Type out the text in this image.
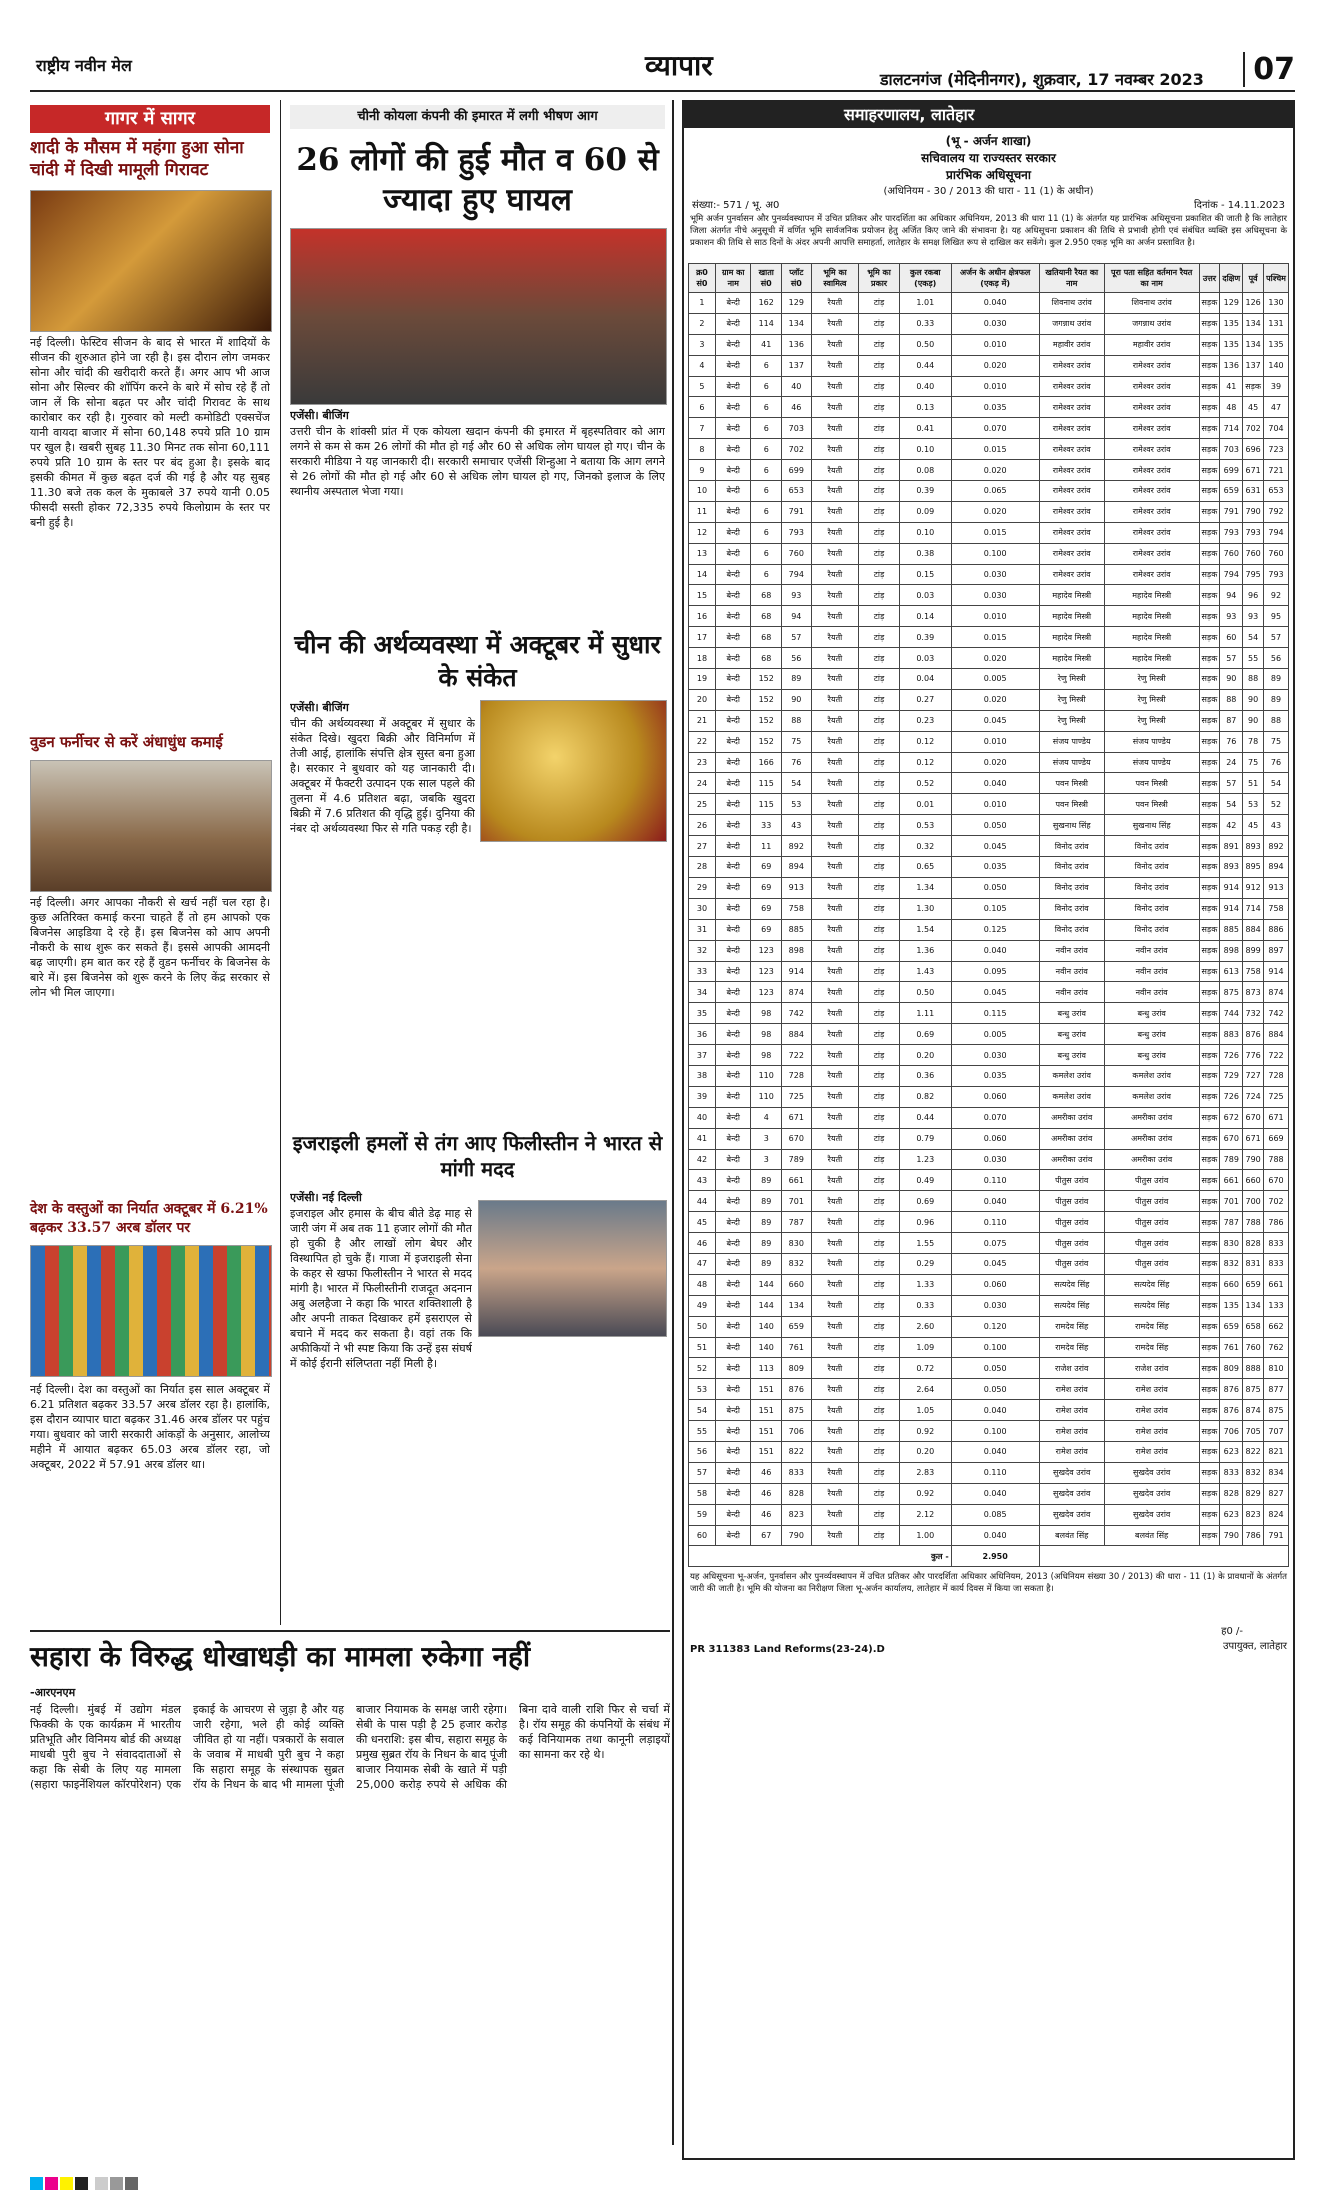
राष्ट्रीय नवीन मेल	व्यापार	डालटनगंज (मेदिनीनगर), शुक्रवार, 17 नवम्बर 2023	07
गागर में सागर
शादी के मौसम में महंगा हुआ सोना चांदी में दिखी मामूली गिरावट
नई दिल्ली। फेस्टिव सीजन के बाद से भारत में शादियों के सीजन की शुरुआत होने जा रही है। इस दौरान लोग जमकर सोना और चांदी की खरीदारी करते हैं। अगर आप भी आज सोना और सिल्वर की शॉपिंग करने के बारे में सोच रहे हैं तो जान लें कि सोना बढ़त पर और चांदी गिरावट के साथ कारोबार कर रही है। गुरुवार को मल्टी कमोडिटी एक्सचेंज यानी वायदा बाजार में सोना 60,148 रुपये प्रति 10 ग्राम पर खुल है। खबरी सुबह 11.30 मिनट तक सोना 60,111 रुपये प्रति 10 ग्राम के स्तर पर बंद हुआ है। इसके बाद इसकी कीमत में कुछ बढ़त दर्ज की गई है और यह सुबह 11.30 बजे तक कल के मुकाबले 37 रुपये यानी 0.05 फीसदी सस्ती होकर 72,335 रुपये किलोग्राम के स्तर पर बनी हुई है।
वुडन फर्नीचर से करें अंधाधुंध कमाई
नई दिल्ली। अगर आपका नौकरी से खर्च नहीं चल रहा है। कुछ अतिरिक्त कमाई करना चाहते हैं तो हम आपको एक बिजनेस आइडिया दे रहे हैं। इस बिजनेस को आप अपनी नौकरी के साथ शुरू कर सकते हैं। इससे आपकी आमदनी बढ़ जाएगी। हम बात कर रहे हैं वुडन फर्नीचर के बिजनेस के बारे में। इस बिजनेस को शुरू करने के लिए केंद्र सरकार से लोन भी मिल जाएगा।
देश के वस्तुओं का निर्यात अक्टूबर में 6.21% बढ़कर 33.57 अरब डॉलर पर
नई दिल्ली। देश का वस्तुओं का निर्यात इस साल अक्टूबर में 6.21 प्रतिशत बढ़कर 33.57 अरब डॉलर रहा है। हालांकि, इस दौरान व्यापार घाटा बढ़कर 31.46 अरब डॉलर पर पहुंच गया। बुधवार को जारी सरकारी आंकड़ों के अनुसार, आलोच्य महीने में आयात बढ़कर 65.03 अरब डॉलर रहा, जो अक्टूबर, 2022 में 57.91 अरब डॉलर था।
चीनी कोयला कंपनी की इमारत में लगी भीषण आग
26 लोगों की हुई मौत व 60 से ज्यादा हुए घायल
एजेंसी। बीजिंग
उत्तरी चीन के शांक्सी प्रांत में एक कोयला खदान कंपनी की इमारत में बृहस्पतिवार को आग लगने से कम से कम 26 लोगों की मौत हो गई और 60 से अधिक लोग घायल हो गए। चीन के सरकारी मीडिया ने यह जानकारी दी। सरकारी समाचार एजेंसी शिन्हुआ ने बताया कि आग लगने से 26 लोगों की मौत हो गई और 60 से अधिक लोग घायल हो गए, जिनको इलाज के लिए स्थानीय अस्पताल भेजा गया।
चीन की अर्थव्यवस्था में अक्टूबर में सुधार के संकेत
एजेंसी। बीजिंग
चीन की अर्थव्यवस्था में अक्टूबर में सुधार के संकेत दिखे। खुदरा बिक्री और विनिर्माण में तेजी आई, हालांकि संपत्ति क्षेत्र सुस्त बना हुआ है। सरकार ने बुधवार को यह जानकारी दी। अक्टूबर में फैक्टरी उत्पादन एक साल पहले की तुलना में 4.6 प्रतिशत बढ़ा, जबकि खुदरा बिक्री में 7.6 प्रतिशत की वृद्धि हुई। दुनिया की नंबर दो अर्थव्यवस्था फिर से गति पकड़ रही है।
इजराइली हमलों से तंग आए फिलीस्तीन ने भारत से मांगी मदद
एजेंसी। नई दिल्ली
इजराइल और हमास के बीच बीते डेढ़ माह से जारी जंग में अब तक 11 हजार लोगों की मौत हो चुकी है और लाखों लोग बेघर और विस्थापित हो चुके हैं। गाजा में इजराइली सेना के कहर से खफा फिलीस्तीन ने भारत से मदद मांगी है। भारत में फिलीस्तीनी राजदूत अदनान अबु अलहैजा ने कहा कि भारत शक्तिशाली है और अपनी ताकत दिखाकर हमें इसराएल से बचाने में मदद कर सकता है। वहां तक कि अफीकियों ने भी स्पष्ट किया कि उन्हें इस संघर्ष में कोई ईरानी संलिप्तता नहीं मिली है।
सहारा के विरुद्ध धोखाधड़ी का मामला रुकेगा नहीं
-आरएनएम
नई दिल्ली। मुंबई में उद्योग मंडल फिक्की के एक कार्यक्रम में भारतीय प्रतिभूति और विनिमय बोर्ड की अध्यक्ष माधबी पुरी बुच ने संवाददाताओं से कहा कि सेबी के लिए यह मामला (सहारा फाइनेंशियल कॉरपोरेशन) एक इकाई के आचरण से जुड़ा है और यह जारी रहेगा, भले ही कोई व्यक्ति जीवित हो या नहीं। पत्रकारों के सवाल के जवाब में माधबी पुरी बुच ने कहा कि सहारा समूह के संस्थापक सुब्रत रॉय के निधन के बाद भी मामला पूंजी बाजार नियामक के समक्ष जारी रहेगा। सेबी के पास पड़ी है 25 हजार करोड़ की धनराशि: इस बीच, सहारा समूह के प्रमुख सुब्रत रॉय के निधन के बाद पूंजी बाजार नियामक सेबी के खाते में पड़ी 25,000 करोड़ रुपये से अधिक की बिना दावे वाली राशि फिर से चर्चा में है। रॉय समूह की कंपनियों के संबंध में कई विनियामक तथा कानूनी लड़ाइयों का सामना कर रहे थे।
समाहरणालय, लातेहार
(भू - अर्जन शाखा)
सचिवालय या राज्यस्तर सरकार
प्रारंभिक अधिसूचना
(अधिनियम - 30 / 2013 की धारा - 11 (1) के अधीन)
संख्या:- 571 / भू. अ0	दिनांक - 14.11.2023
भूमि अर्जन पुनर्वासन और पुनर्व्यवस्थापन में उचित प्रतिकर और पारदर्शिता का अधिकार अधिनियम, 2013 की धारा 11 (1) के अंतर्गत यह प्रारंभिक अधिसूचना प्रकाशित की जाती है कि लातेहार जिला अंतर्गत नीचे अनुसूची में वर्णित भूमि सार्वजनिक प्रयोजन हेतु अर्जित किए जाने की संभावना है। यह अधिसूचना प्रकाशन की तिथि से प्रभावी होगी एवं संबंधित व्यक्ति इस अधिसूचना के प्रकाशन की तिथि से साठ दिनों के अंदर अपनी आपत्ति समाहर्ता, लातेहार के समक्ष लिखित रूप से दाखिल कर सकेंगे। कुल 2.950 एकड़ भूमि का अर्जन प्रस्तावित है।
क्र0 सं0	ग्राम का नाम	खाता सं0	प्लॉट सं0	भूमि का स्वामित्व	भूमि का प्रकार	कुल रकबा (एकड़)	अर्जन के अधीन क्षेत्रफल (एकड़ में)	खतियानी रैयत का नाम	पूरा पता सहित वर्तमान रैयत का नाम	उत्तर	दक्षिण	पूर्व	पश्चिम
1	बेन्दी	162	129	रैयती	टांड़	1.01	0.040	शिवनाथ उरांव	शिवनाथ उरांव	सड़क	129	126	130
2	बेन्दी	114	134	रैयती	टांड़	0.33	0.030	जगन्नाथ उरांव	जगन्नाथ उरांव	सड़क	135	134	131
3	बेन्दी	41	136	रैयती	टांड़	0.50	0.010	महावीर उरांव	महावीर उरांव	सड़क	135	134	135
4	बेन्दी	6	137	रैयती	टांड़	0.44	0.020	रामेश्वर उरांव	रामेश्वर उरांव	सड़क	136	137	140
5	बेन्दी	6	40	रैयती	टांड़	0.40	0.010	रामेश्वर उरांव	रामेश्वर उरांव	सड़क	41	सड़क	39
6	बेन्दी	6	46	रैयती	टांड़	0.13	0.035	रामेश्वर उरांव	रामेश्वर उरांव	सड़क	48	45	47
7	बेन्दी	6	703	रैयती	टांड़	0.41	0.070	रामेश्वर उरांव	रामेश्वर उरांव	सड़क	714	702	704
8	बेन्दी	6	702	रैयती	टांड़	0.10	0.015	रामेश्वर उरांव	रामेश्वर उरांव	सड़क	703	696	723
9	बेन्दी	6	699	रैयती	टांड़	0.08	0.020	रामेश्वर उरांव	रामेश्वर उरांव	सड़क	699	671	721
10	बेन्दी	6	653	रैयती	टांड़	0.39	0.065	रामेश्वर उरांव	रामेश्वर उरांव	सड़क	659	631	653
11	बेन्दी	6	791	रैयती	टांड़	0.09	0.020	रामेश्वर उरांव	रामेश्वर उरांव	सड़क	791	790	792
12	बेन्दी	6	793	रैयती	टांड़	0.10	0.015	रामेश्वर उरांव	रामेश्वर उरांव	सड़क	793	793	794
13	बेन्दी	6	760	रैयती	टांड़	0.38	0.100	रामेश्वर उरांव	रामेश्वर उरांव	सड़क	760	760	760
14	बेन्दी	6	794	रैयती	टांड़	0.15	0.030	रामेश्वर उरांव	रामेश्वर उरांव	सड़क	794	795	793
15	बेन्दी	68	93	रैयती	टांड़	0.03	0.030	महादेव मिस्त्री	महादेव मिस्त्री	सड़क	94	96	92
16	बेन्दी	68	94	रैयती	टांड़	0.14	0.010	महादेव मिस्त्री	महादेव मिस्त्री	सड़क	93	93	95
17	बेन्दी	68	57	रैयती	टांड़	0.39	0.015	महादेव मिस्त्री	महादेव मिस्त्री	सड़क	60	54	57
18	बेन्दी	68	56	रैयती	टांड़	0.03	0.020	महादेव मिस्त्री	महादेव मिस्त्री	सड़क	57	55	56
19	बेन्दी	152	89	रैयती	टांड़	0.04	0.005	रेणु मिस्त्री	रेणु मिस्त्री	सड़क	90	88	89
20	बेन्दी	152	90	रैयती	टांड़	0.27	0.020	रेणु मिस्त्री	रेणु मिस्त्री	सड़क	88	90	89
21	बेन्दी	152	88	रैयती	टांड़	0.23	0.045	रेणु मिस्त्री	रेणु मिस्त्री	सड़क	87	90	88
22	बेन्दी	152	75	रैयती	टांड़	0.12	0.010	संजय पाण्डेय	संजय पाण्डेय	सड़क	76	78	75
23	बेन्दी	166	76	रैयती	टांड़	0.12	0.020	संजय पाण्डेय	संजय पाण्डेय	सड़क	24	75	76
24	बेन्दी	115	54	रैयती	टांड़	0.52	0.040	पवन मिस्त्री	पवन मिस्त्री	सड़क	57	51	54
25	बेन्दी	115	53	रैयती	टांड़	0.01	0.010	पवन मिस्त्री	पवन मिस्त्री	सड़क	54	53	52
26	बेन्दी	33	43	रैयती	टांड़	0.53	0.050	सुखनाथ सिंह	सुखनाथ सिंह	सड़क	42	45	43
27	बेन्दी	11	892	रैयती	टांड़	0.32	0.045	विनोद उरांव	विनोद उरांव	सड़क	891	893	892
28	बेन्दी	69	894	रैयती	टांड़	0.65	0.035	विनोद उरांव	विनोद उरांव	सड़क	893	895	894
29	बेन्दी	69	913	रैयती	टांड़	1.34	0.050	विनोद उरांव	विनोद उरांव	सड़क	914	912	913
30	बेन्दी	69	758	रैयती	टांड़	1.30	0.105	विनोद उरांव	विनोद उरांव	सड़क	914	714	758
31	बेन्दी	69	885	रैयती	टांड़	1.54	0.125	विनोद उरांव	विनोद उरांव	सड़क	885	884	886
32	बेन्दी	123	898	रैयती	टांड़	1.36	0.040	नवीन उरांव	नवीन उरांव	सड़क	898	899	897
33	बेन्दी	123	914	रैयती	टांड़	1.43	0.095	नवीन उरांव	नवीन उरांव	सड़क	613	758	914
34	बेन्दी	123	874	रैयती	टांड़	0.50	0.045	नवीन उरांव	नवीन उरांव	सड़क	875	873	874
35	बेन्दी	98	742	रैयती	टांड़	1.11	0.115	बन्धु उरांव	बन्धु उरांव	सड़क	744	732	742
36	बेन्दी	98	884	रैयती	टांड़	0.69	0.005	बन्धु उरांव	बन्धु उरांव	सड़क	883	876	884
37	बेन्दी	98	722	रैयती	टांड़	0.20	0.030	बन्धु उरांव	बन्धु उरांव	सड़क	726	776	722
38	बेन्दी	110	728	रैयती	टांड़	0.36	0.035	कमलेश उरांव	कमलेश उरांव	सड़क	729	727	728
39	बेन्दी	110	725	रैयती	टांड़	0.82	0.060	कमलेश उरांव	कमलेश उरांव	सड़क	726	724	725
40	बेन्दी	4	671	रैयती	टांड़	0.44	0.070	अमरीका उरांव	अमरीका उरांव	सड़क	672	670	671
41	बेन्दी	3	670	रैयती	टांड़	0.79	0.060	अमरीका उरांव	अमरीका उरांव	सड़क	670	671	669
42	बेन्दी	3	789	रैयती	टांड़	1.23	0.030	अमरीका उरांव	अमरीका उरांव	सड़क	789	790	788
43	बेन्दी	89	661	रैयती	टांड़	0.49	0.110	पीतुस उरांव	पीतुस उरांव	सड़क	661	660	670
44	बेन्दी	89	701	रैयती	टांड़	0.69	0.040	पीतुस उरांव	पीतुस उरांव	सड़क	701	700	702
45	बेन्दी	89	787	रैयती	टांड़	0.96	0.110	पीतुस उरांव	पीतुस उरांव	सड़क	787	788	786
46	बेन्दी	89	830	रैयती	टांड़	1.55	0.075	पीतुस उरांव	पीतुस उरांव	सड़क	830	828	833
47	बेन्दी	89	832	रैयती	टांड़	0.29	0.045	पीतुस उरांव	पीतुस उरांव	सड़क	832	831	833
48	बेन्दी	144	660	रैयती	टांड़	1.33	0.060	सत्यदेव सिंह	सत्यदेव सिंह	सड़क	660	659	661
49	बेन्दी	144	134	रैयती	टांड़	0.33	0.030	सत्यदेव सिंह	सत्यदेव सिंह	सड़क	135	134	133
50	बेन्दी	140	659	रैयती	टांड़	2.60	0.120	रामदेव सिंह	रामदेव सिंह	सड़क	659	658	662
51	बेन्दी	140	761	रैयती	टांड़	1.09	0.100	रामदेव सिंह	रामदेव सिंह	सड़क	761	760	762
52	बेन्दी	113	809	रैयती	टांड़	0.72	0.050	राजेश उरांव	राजेश उरांव	सड़क	809	888	810
53	बेन्दी	151	876	रैयती	टांड़	2.64	0.050	रामेश उरांव	रामेश उरांव	सड़क	876	875	877
54	बेन्दी	151	875	रैयती	टांड़	1.05	0.040	रामेश उरांव	रामेश उरांव	सड़क	876	874	875
55	बेन्दी	151	706	रैयती	टांड़	0.92	0.100	रामेश उरांव	रामेश उरांव	सड़क	706	705	707
56	बेन्दी	151	822	रैयती	टांड़	0.20	0.040	रामेश उरांव	रामेश उरांव	सड़क	623	822	821
57	बेन्दी	46	833	रैयती	टांड़	2.83	0.110	सुखदेव उरांव	सुखदेव उरांव	सड़क	833	832	834
58	बेन्दी	46	828	रैयती	टांड़	0.92	0.040	सुखदेव उरांव	सुखदेव उरांव	सड़क	828	829	827
59	बेन्दी	46	823	रैयती	टांड़	2.12	0.085	सुखदेव उरांव	सुखदेव उरांव	सड़क	623	823	824
60	बेन्दी	67	790	रैयती	टांड़	1.00	0.040	बलवंत सिंह	बलवंत सिंह	सड़क	790	786	791
कुल -							2.950						
यह अधिसूचना भू-अर्जन, पुनर्वासन और पुनर्व्यवस्थापन में उचित प्रतिकर और पारदर्शिता अधिकार अधिनियम, 2013 (अधिनियम संख्या 30 / 2013) की धारा - 11 (1) के प्रावधानों के अंतर्गत जारी की जाती है। भूमि की योजना का निरीक्षण जिला भू-अर्जन कार्यालय, लातेहार में कार्य दिवस में किया जा सकता है।
PR 311383 Land Reforms(23-24).D
ह0 /-
उपायुक्त, लातेहार
